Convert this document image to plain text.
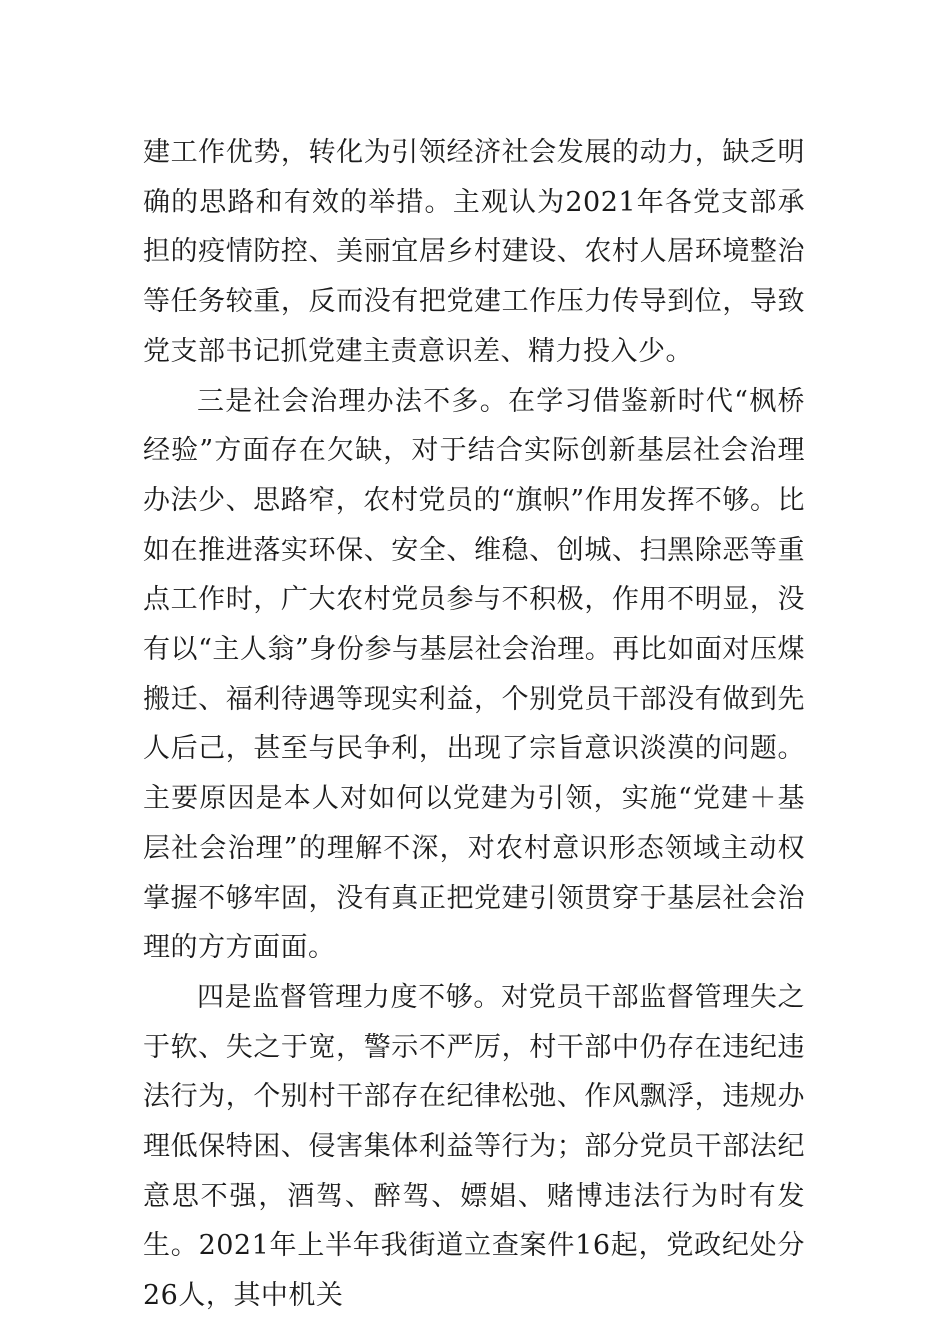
建工作优势，转化为引领经济社会发展的动力，缺乏明确的思路和有效的举措。主观认为2021年各党支部承担的疫情防控、美丽宜居乡村建设、农村人居环境整治等任务较重，反而没有把党建工作压力传导到位，导致党支部书记抓党建主责意识差、精力投入少。

三是社会治理办法不多。在学习借鉴新时代“枫桥经验”方面存在欠缺，对于结合实际创新基层社会治理办法少、思路窄，农村党员的“旗帜”作用发挥不够。比如在推进落实环保、安全、维稳、创城、扫黑除恶等重点工作时，广大农村党员参与不积极，作用不明显，没有以“主人翁”身份参与基层社会治理。再比如面对压煤搬迁、福利待遇等现实利益，个别党员干部没有做到先人后己，甚至与民争利，出现了宗旨意识淡漠的问题。主要原因是本人对如何以党建为引领，实施“党建＋基层社会治理”的理解不深，对农村意识形态领域主动权掌握不够牢固，没有真正把党建引领贯穿于基层社会治理的方方面面。

四是监督管理力度不够。对党员干部监督管理失之于软、失之于宽，警示不严厉，村干部中仍存在违纪违法行为，个别村干部存在纪律松弛、作风飘浮，违规办理低保特困、侵害集体利益等行为；部分党员干部法纪意思不强，酒驾、醉驾、嫖娼、赌博违法行为时有发生。2021年上半年我街道立查案件16起，党政纪处分26人，其中机关
